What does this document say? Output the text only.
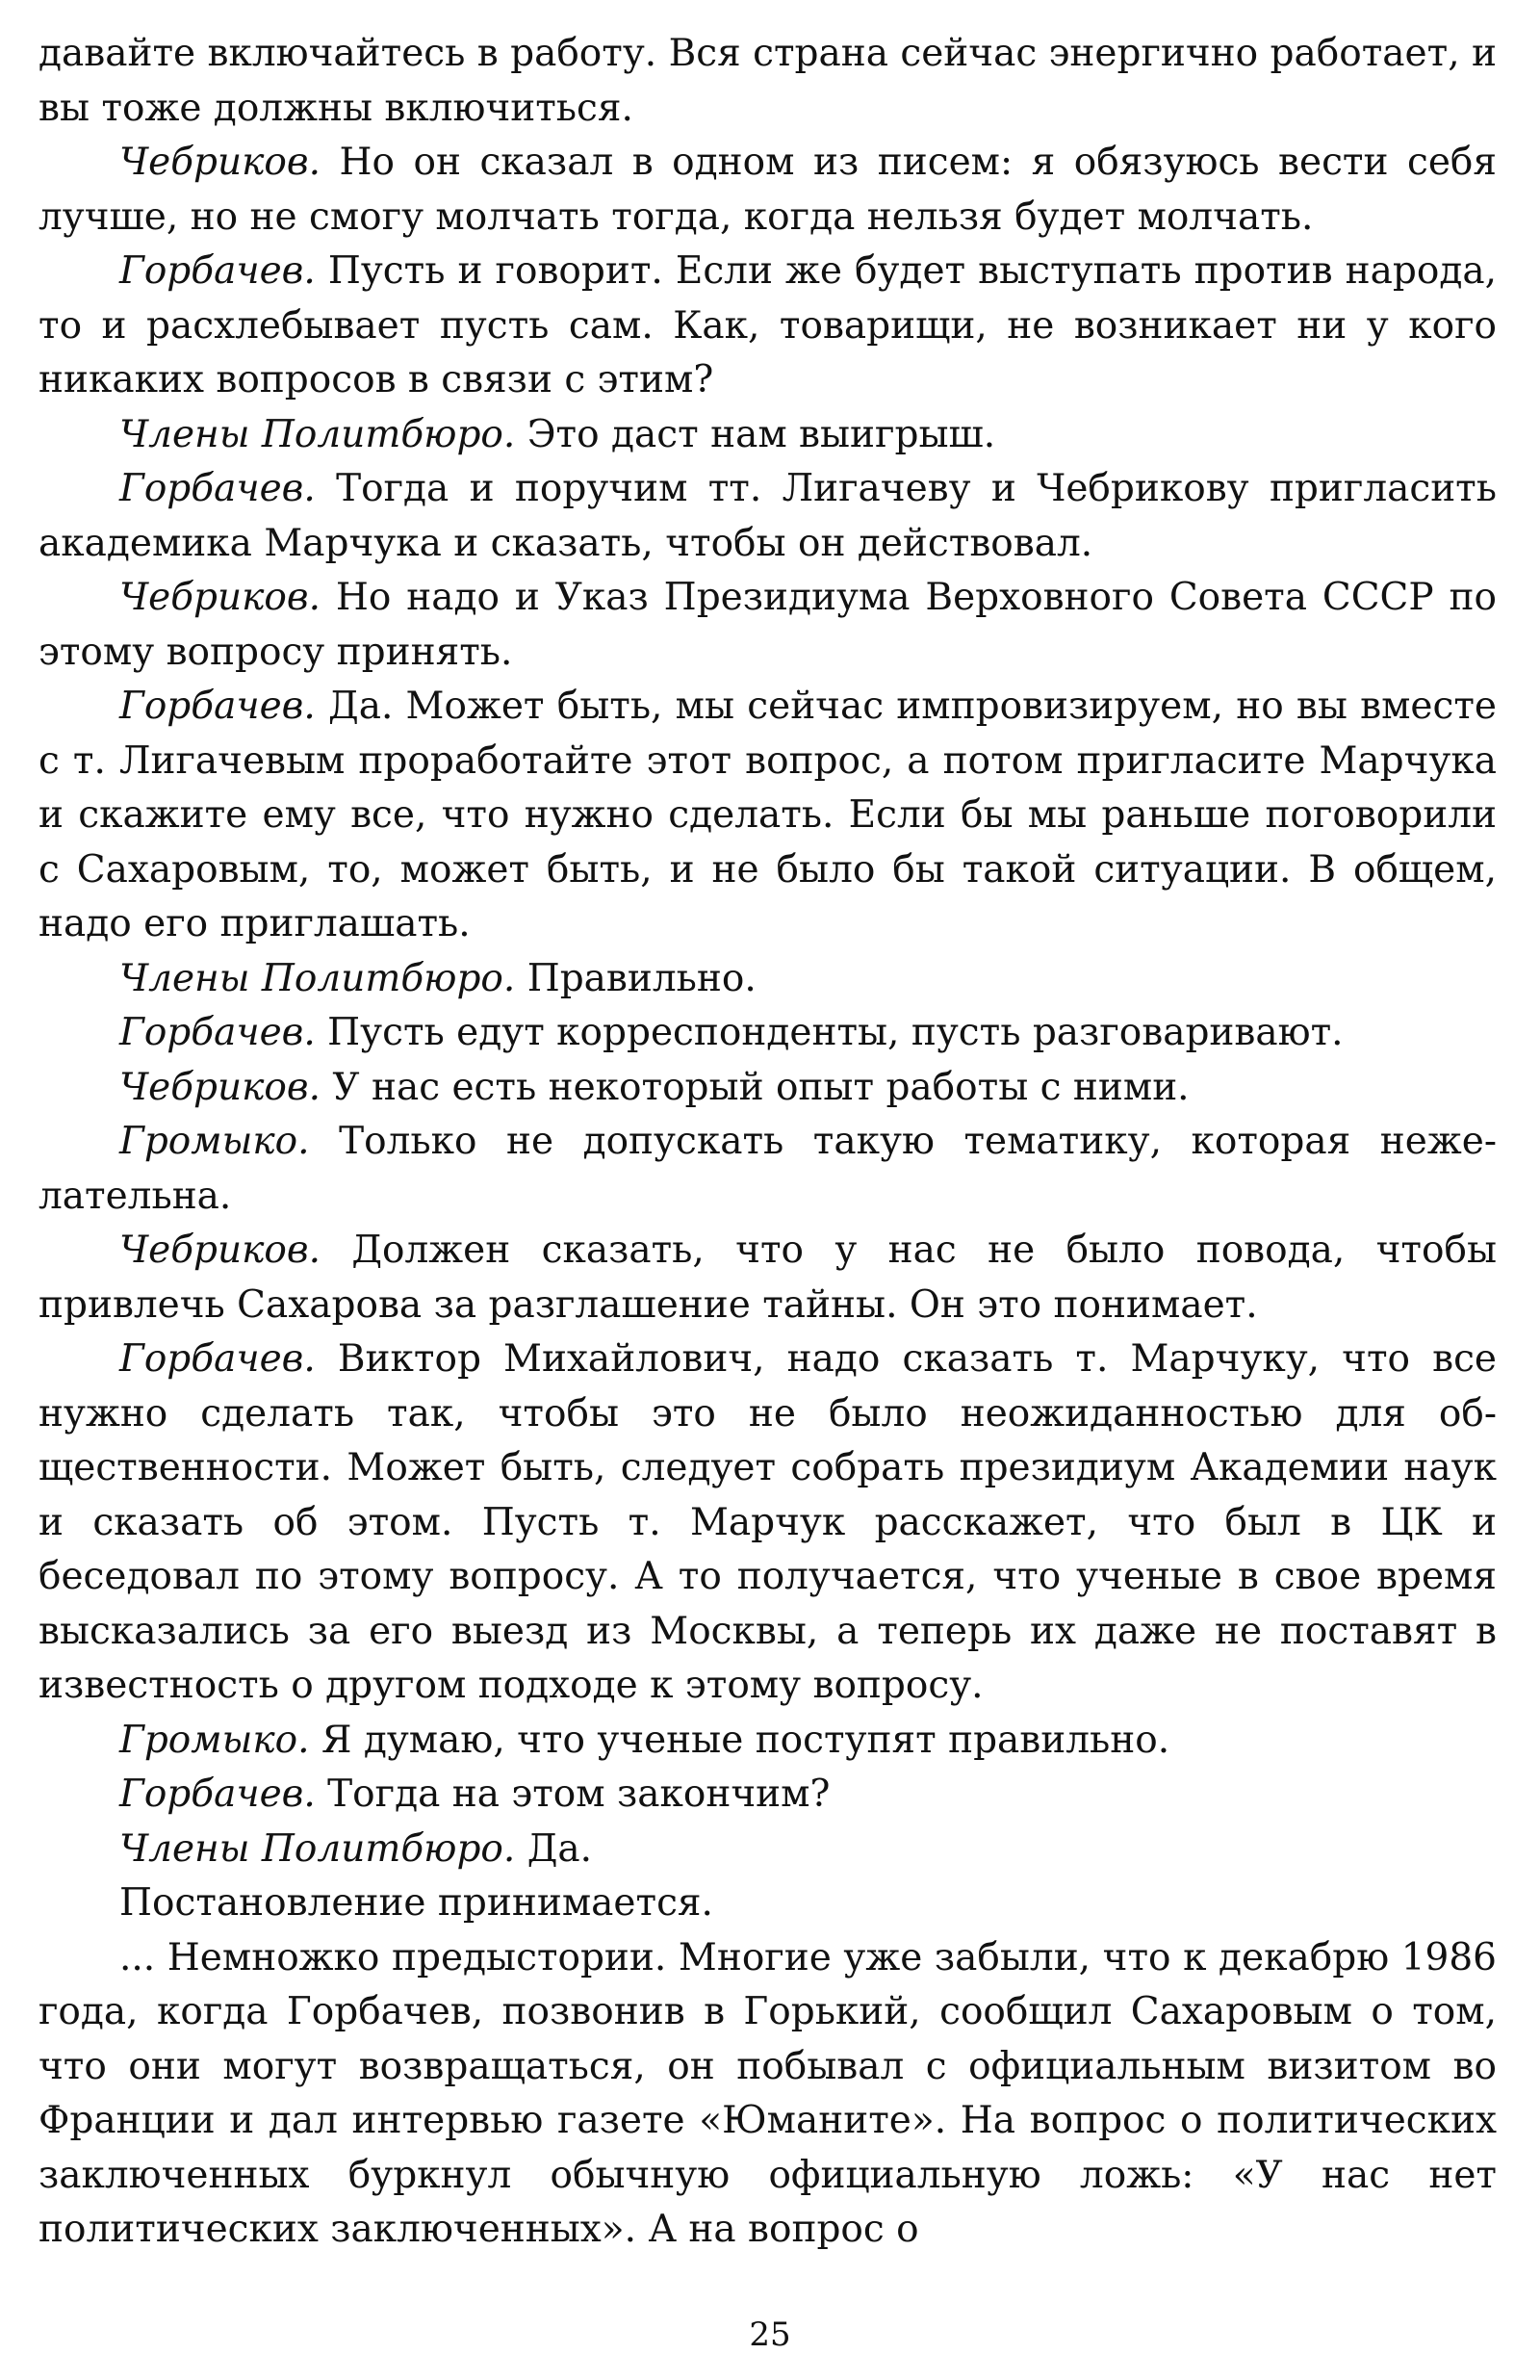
давайте включайтесь в работу. Вся страна сейчас энергично работает, и вы тоже должны включиться.

Чебриков. Но он сказал в одном из писем: я обязуюсь вести себя лучше, но не смогу молчать тогда, когда нельзя будет молчать.

Горбачев. Пусть и говорит. Если же будет выступать против народа, то и расхлебывает пусть сам. Как, товарищи, не возникает ни у кого никаких вопросов в связи с этим?

Члены Политбюро. Это даст нам выигрыш.

Горбачев. Тогда и поручим тт. Лигачеву и Чебрикову пригласить академика Марчука и сказать, чтобы он действовал.

Чебриков. Но надо и Указ Президиума Верховного Совета СССР по этому вопросу принять.

Горбачев. Да. Может быть, мы сейчас импровизируем, но вы вместе с т. Лигачевым проработайте этот вопрос, а потом пригласите Марчука и скажите ему все, что нужно сделать. Если бы мы раньше поговорили с Сахаровым, то, может быть, и не было бы такой ситуации. В общем, надо его приглашать.

Члены Политбюро. Правильно.

Горбачев. Пусть едут корреспонденты, пусть разговаривают.

Чебриков. У нас есть некоторый опыт работы с ними.

Громыко. Только не допускать такую тематику, которая нежелательна.

Чебриков. Должен сказать, что у нас не было повода, чтобы привлечь Сахарова за разглашение тайны. Он это понимает.

Горбачев. Виктор Михайлович, надо сказать т. Марчуку, что все нужно сделать так, чтобы это не было неожиданностью для общественности. Может быть, следует собрать президиум Академии наук и сказать об этом. Пусть т. Марчук расскажет, что был в ЦК и беседовал по этому вопросу. А то получается, что ученые в свое время высказались за его выезд из Москвы, а теперь их даже не поставят в известность о другом подходе к этому вопросу.

Громыко. Я думаю, что ученые поступят правильно.

Горбачев. Тогда на этом закончим?

Члены Политбюро. Да.

Постановление принимается.

... Немножко предыстории. Многие уже забыли, что к декабрю 1986 года, когда Горбачев, позвонив в Горький, сообщил Сахаровым о том, что они могут возвращаться, он побывал с официальным визитом во Франции и дал интервью газете «Юманите». На вопрос о политических заключенных буркнул обычную официальную ложь: «У нас нет политических заключенных». А на вопрос о

25
